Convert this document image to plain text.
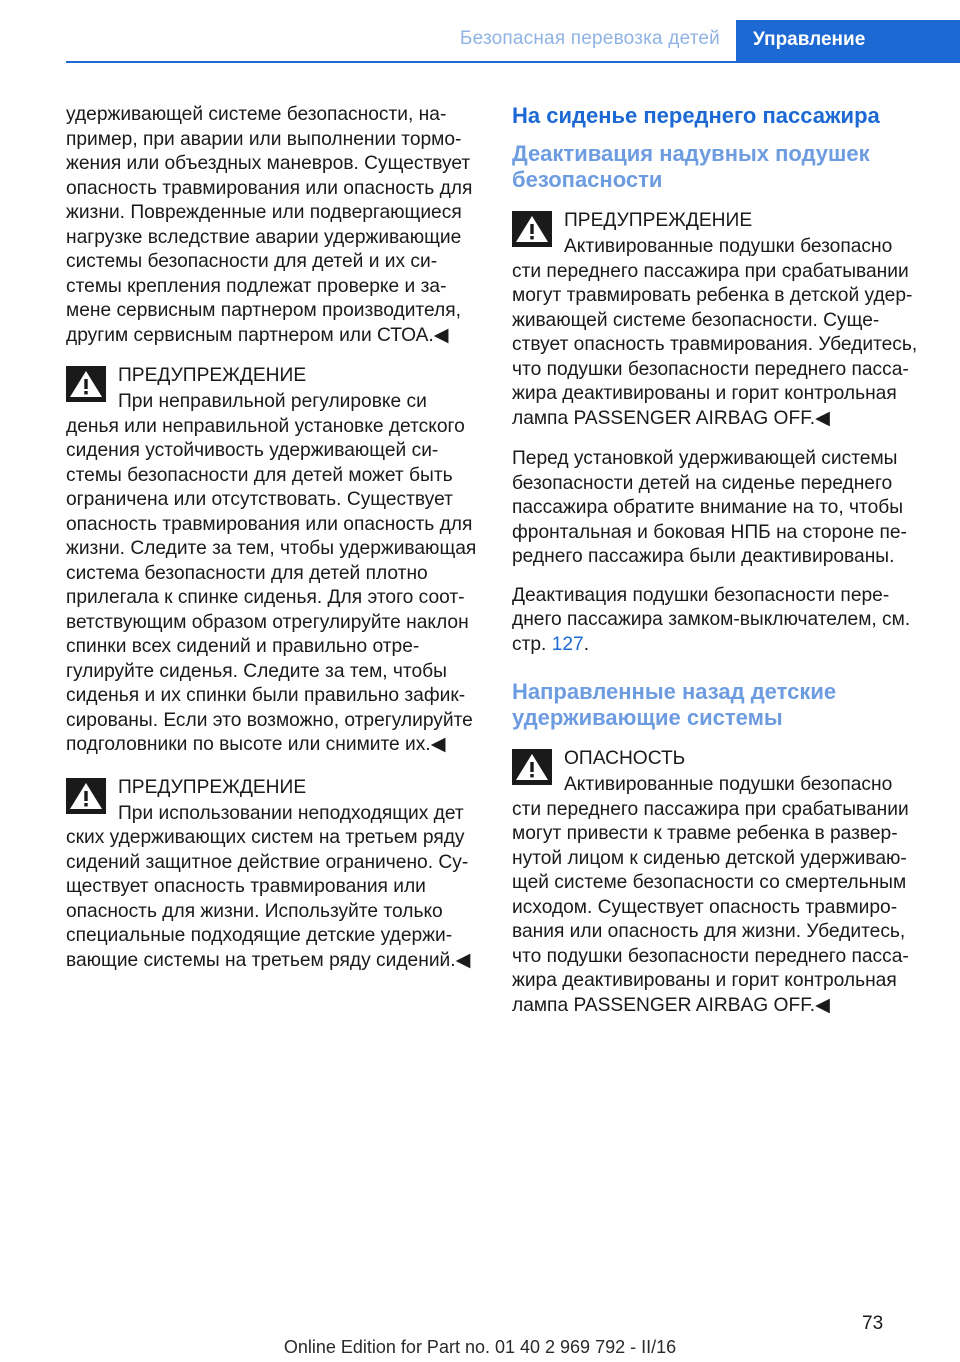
Безопасная перевозка детей Управление

удерживающей системе безопасности, например, при аварии или выполнении торможения или объездных маневров. Существует опасность травмирования или опасность для жизни. Поврежденные или подвергающиеся нагрузке вследствие аварии удерживающие системы безопасности для детей и их системы крепления подлежат проверке и замене сервисным партнером производителя, другим сервисным партнером или СТОА.◀

ПРЕДУПРЕЖДЕНИЕ
При неправильной регулировке си
денья или неправильной установке детского сидения устойчивость удерживающей системы безопасности для детей может быть ограничена или отсутствовать. Существует опасность травмирования или опасность для жизни. Следите за тем, чтобы удерживающая система безопасности для детей плотно прилегала к спинке сиденья. Для этого соответствующим образом отрегулируйте наклон спинки всех сидений и правильно отрегулируйте сиденья. Следите за тем, чтобы сиденья и их спинки были правильно зафиксированы. Если это возможно, отрегулируйте подголовники по высоте или снимите их.◀
ПРЕДУПРЕЖДЕНИЕ
При использовании неподходящих дет
ских удерживающих систем на третьем ряду сидений защитное действие ограничено. Существует опасность травмирования или опасность для жизни. Используйте только специальные подходящие детские удерживающие системы на третьем ряду сидений.◀
На сиденье переднего пассажира
Деактивация надувных подушек безопасности
ПРЕДУПРЕЖДЕНИЕ
Активированные подушки безопасно
сти переднего пассажира при срабатывании могут травмировать ребенка в детской удерживающей системе безопасности. Существует опасность травмирования. Убедитесь, что подушки безопасности переднего пассажира деактивированы и горит контрольная лампа PASSENGER AIRBAG OFF.◀

Перед установкой удерживающей системы безопасности детей на сиденье переднего пассажира обратите внимание на то, чтобы фронтальная и боковая НПБ на стороне переднего пассажира были деактивированы.

Деактивация подушки безопасности переднего пассажира замком-выключателем, см. стр. 127.

Направленные назад детские удерживающие системы
ОПАСНОСТЬ
Активированные подушки безопасно
сти переднего пассажира при срабатывании могут привести к травме ребенка в развернутой лицом к сиденью детской удерживающей системе безопасности со смертельным исходом. Существует опасность травмирования или опасность для жизни. Убедитесь, что подушки безопасности переднего пассажира деактивированы и горит контрольная лампа PASSENGER AIRBAG OFF.◀
73
Online Edition for Part no. 01 40 2 969 792 - II/16
